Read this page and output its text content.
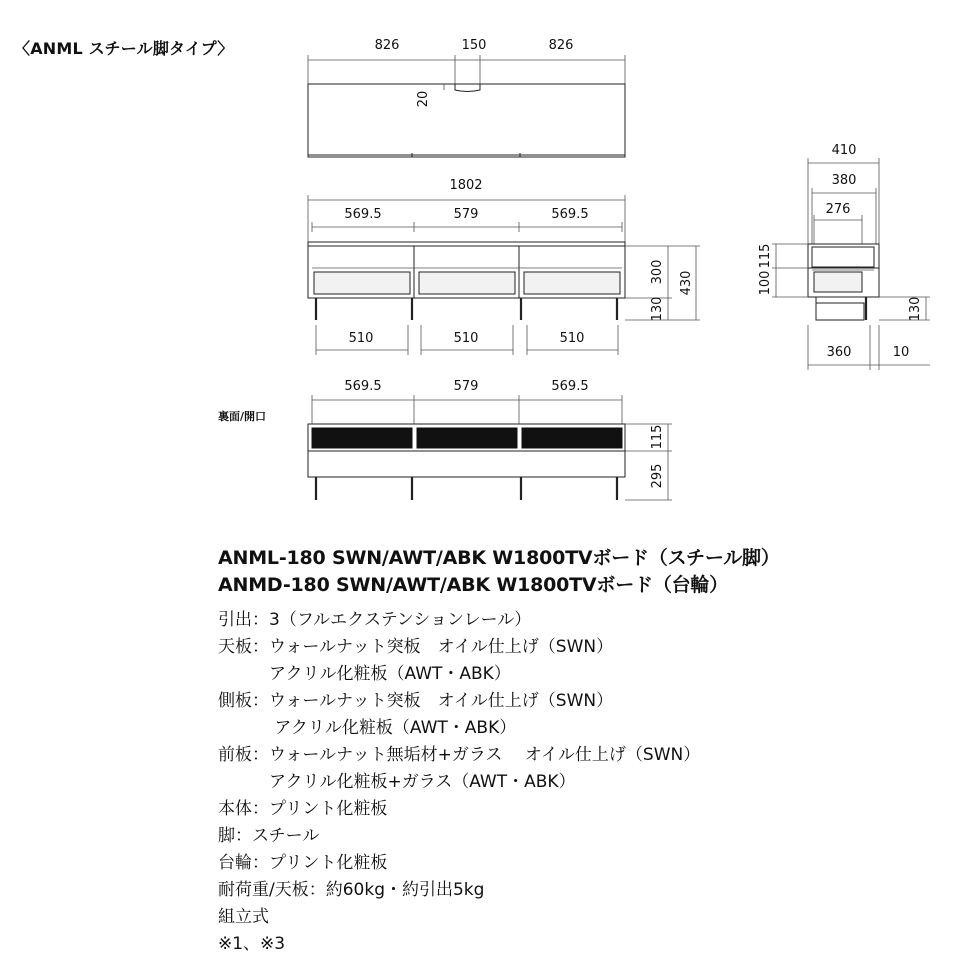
〈ANML スチール脚タイプ〉	826	150	826
20
1802
569.5	579	569.5
300
130
430
510	510	510
410
380
276
115
100
130
360	10
569.5	579	569.5
115
295
裏面/開口
ANML-180 SWN/AWT/ABK W1800TVボード（スチール脚）
ANMD-180 SWN/AWT/ABK W1800TVボード（台輪）
引出：3（フルエクステンションレール）
天板：ウォールナット突板　オイル仕上げ（SWN）
　　　アクリル化粧板（AWT・ABK）
側板：ウォールナット突板　オイル仕上げ（SWN）
　　　 アクリル化粧板（AWT・ABK）
前板：ウォールナット無垢材+ガラス　 オイル仕上げ（SWN）
　　　アクリル化粧板+ガラス（AWT・ABK）
本体：プリント化粧板
脚：スチール
台輪：プリント化粧板
耐荷重/天板：約60kg・約引出5kg
組立式
※1、※3
